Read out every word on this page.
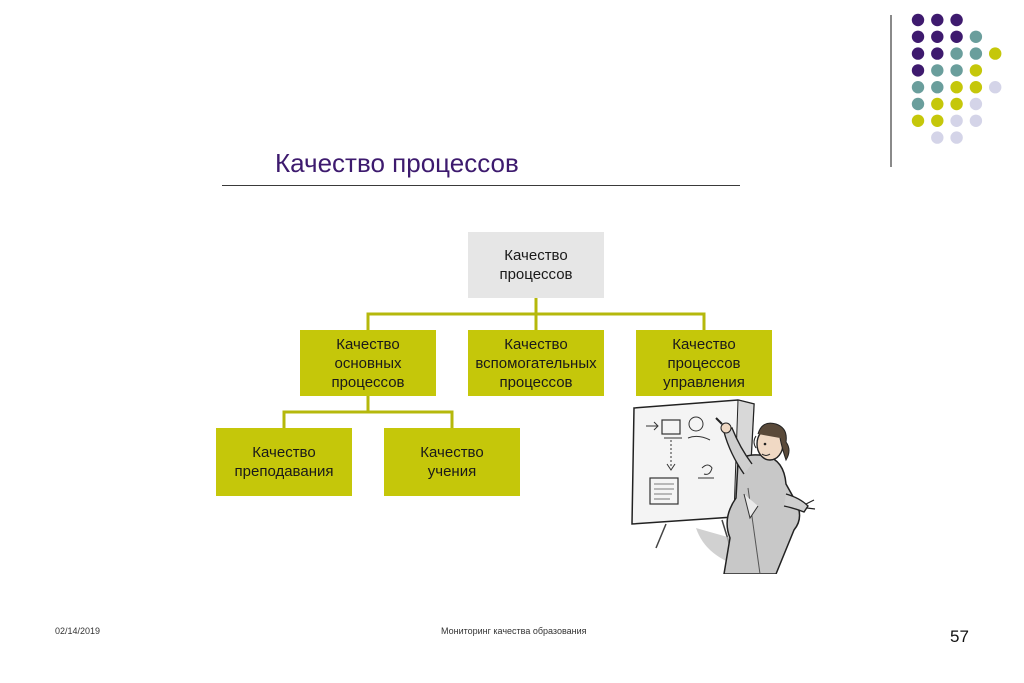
Качество процессов
Качество
процессов
Качество
основных
процессов
Качество
вспомогательных
процессов
Качество
процессов
управления
Качество
преподавания
Качество
учения
02/14/2019	Мониторинг качества образования	57
